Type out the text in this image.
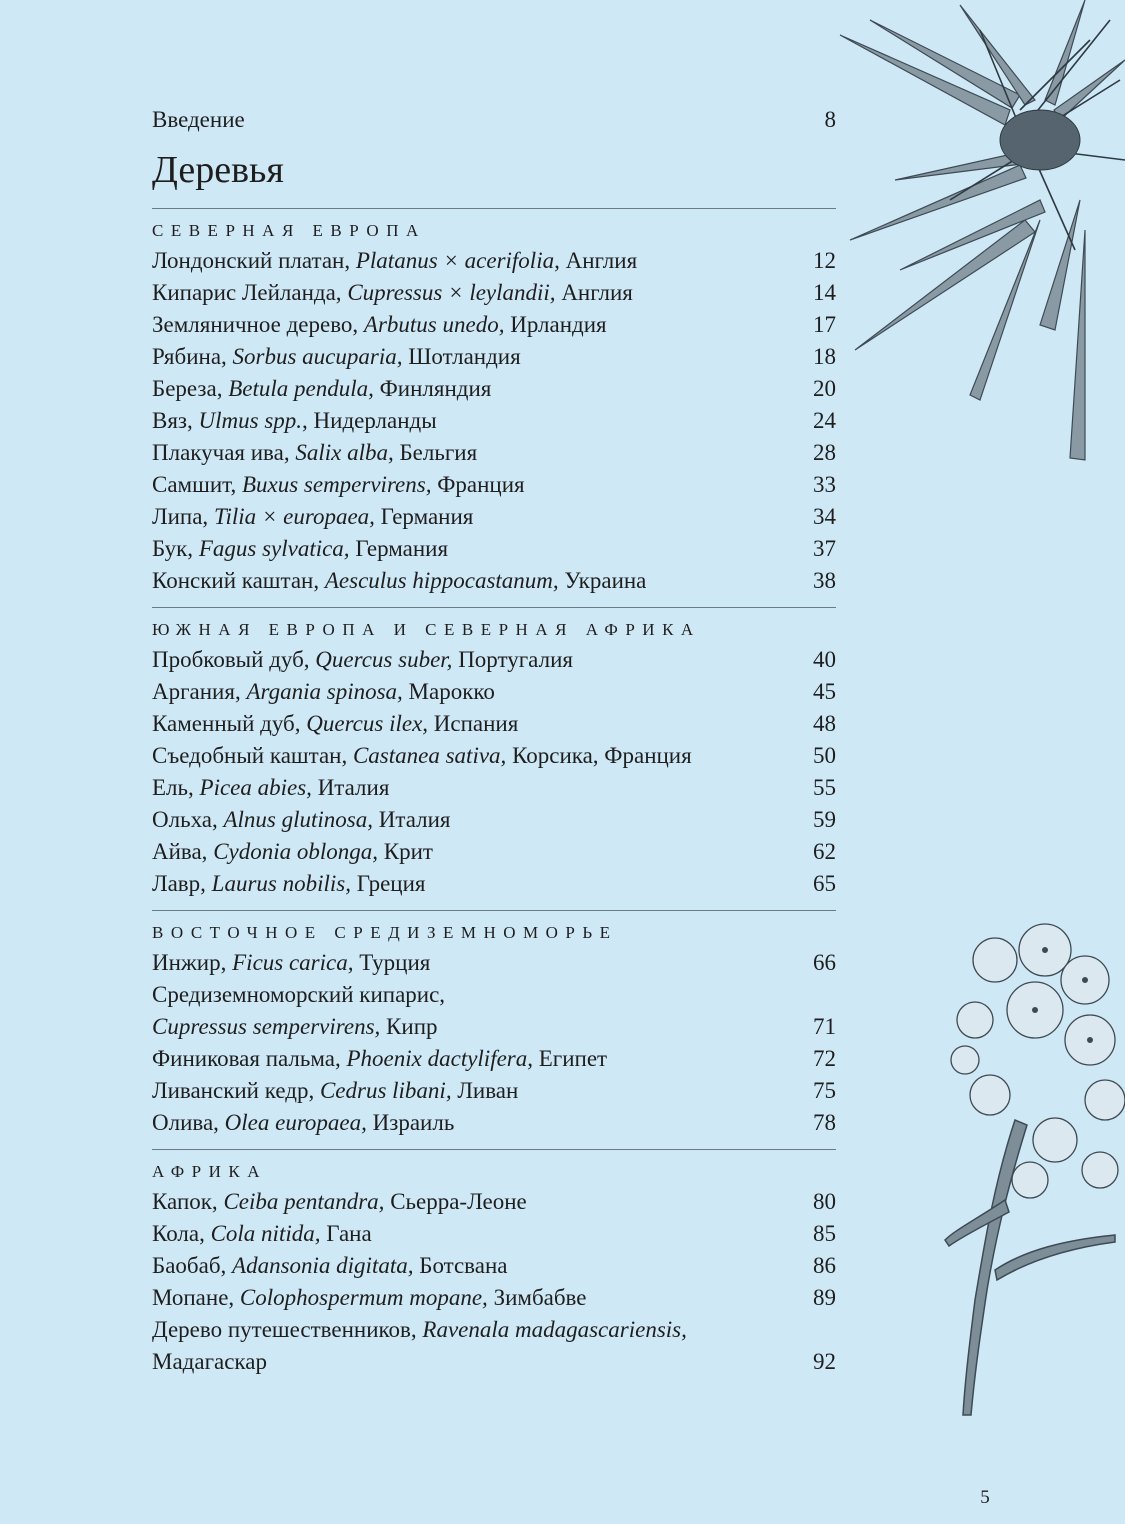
Введение	8
Деревья
СЕВЕРНАЯ ЕВРОПА
Лондонский платан, Platanus × acerifolia, Англия	12
Кипарис Лейланда, Cupressus × leylandii, Англия	14
Земляничное дерево, Arbutus unedo, Ирландия	17
Рябина, Sorbus aucuparia, Шотландия	18
Береза, Betula pendula, Финляндия	20
Вяз, Ulmus spp., Нидерланды	24
Плакучая ива, Salix alba, Бельгия	28
Самшит, Buxus sempervirens, Франция	33
Липа, Tilia × europaea, Германия	34
Бук, Fagus sylvatica, Германия	37
Конский каштан, Aesculus hippocastanum, Украина	38
ЮЖНАЯ ЕВРОПА И СЕВЕРНАЯ АФРИКА
Пробковый дуб, Quercus suber, Португалия	40
Аргания, Argania spinosa, Марокко	45
Каменный дуб, Quercus ilex, Испания	48
Съедобный каштан, Castanea sativa, Корсика, Франция	50
Ель, Picea abies, Италия	55
Ольха, Alnus glutinosa, Италия	59
Айва, Cydonia oblonga, Крит	62
Лавр, Laurus nobilis, Греция	65
ВОСТОЧНОЕ СРЕДИЗЕМНОМОРЬЕ
Инжир, Ficus carica, Турция	66
Средиземноморский кипарис,
Cupressus sempervirens, Кипр	71
Финиковая пальма, Phoenix dactylifera, Египет	72
Ливанский кедр, Cedrus libani, Ливан	75
Олива, Olea europaea, Израиль	78
АФРИКА
Капок, Ceiba pentandra, Сьерра-Леоне	80
Кола, Cola nitida, Гана	85
Баобаб, Adansonia digitata, Ботсвана	86
Мопане, Colophospermum mopane, Зимбабве	89
Дерево путешественников, Ravenala madagascariensis,
Мадагаскар	92
5
